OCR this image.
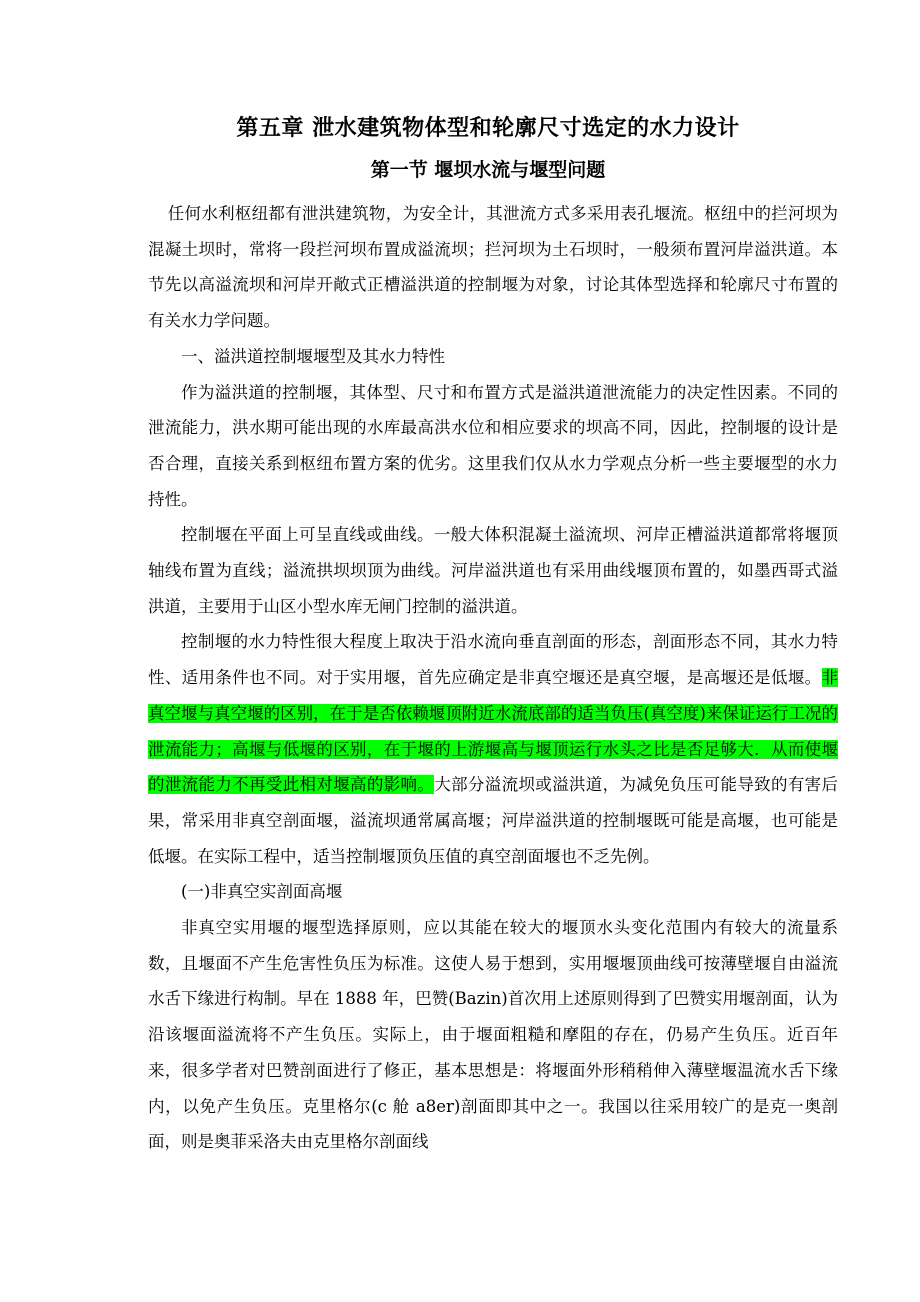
第五章 泄水建筑物体型和轮廓尺寸选定的水力设计
第一节 堰坝水流与堰型问题

任何水利枢纽都有泄洪建筑物，为安全计，其泄流方式多采用表孔堰流。枢纽中的拦河坝为混凝土坝时，常将一段拦河坝布置成溢流坝；拦河坝为土石坝时，一般须布置河岸溢洪道。本节先以高溢流坝和河岸开敞式正槽溢洪道的控制堰为对象，讨论其体型选择和轮廓尺寸布置的有关水力学问题。

一、溢洪道控制堰堰型及其水力特性

作为溢洪道的控制堰，其体型、尺寸和布置方式是溢洪道泄流能力的决定性因素。不同的泄流能力，洪水期可能出现的水库最高洪水位和相应要求的坝高不同，因此，控制堰的设计是否合理，直接关系到枢纽布置方案的优劣。这里我们仅从水力学观点分析一些主要堰型的水力持性。

控制堰在平面上可呈直线或曲线。一般大体积混凝土溢流坝、河岸正槽溢洪道都常将堰顶轴线布置为直线；溢流拱坝坝顶为曲线。河岸溢洪道也有采用曲线堰顶布置的，如墨西哥式溢洪道，主要用于山区小型水库无闸门控制的溢洪道。

控制堰的水力特性很大程度上取决于沿水流向垂直剖面的形态，剖面形态不同，其水力特性、适用条件也不同。对于实用堰，首先应确定是非真空堰还是真空堰，是高堰还是低堰。非真空堰与真空堰的区别，在于是否依赖堰顶附近水流底部的适当负压(真空度)来保证运行工况的泄流能力；高堰与低堰的区别，在于堰的上游堰高与堰顶运行水头之比是否足够大．从而使堰的泄流能力不再受此相对堰高的影响。大部分溢流坝或溢洪道，为减免负压可能导致的有害后果，常采用非真空剖面堰，溢流坝通常属高堰；河岸溢洪道的控制堰既可能是高堰，也可能是低堰。在实际工程中，适当控制堰顶负压值的真空剖面堰也不乏先例。

(一)非真空实剖面高堰

非真空实用堰的堰型选择原则，应以其能在较大的堰顶水头变化范围内有较大的流量系数，且堰面不产生危害性负压为标准。这使人易于想到，实用堰堰顶曲线可按薄壁堰自由溢流水舌下缘进行构制。早在 1888 年，巴赞(Bazin)首次用上述原则得到了巴赞实用堰剖面，认为沿该堰面溢流将不产生负压。实际上，由于堰面粗糙和摩阻的存在，仍易产生负压。近百年来，很多学者对巴赞剖面进行了修正，基本思想是：将堰面外形稍稍伸入薄壁堰温流水舌下缘内，以免产生负压。克里格尔(c 舱 a8er)剖面即其中之一。我国以往采用较广的是克一奥剖面，则是奥菲采洛夫由克里格尔剖面线
